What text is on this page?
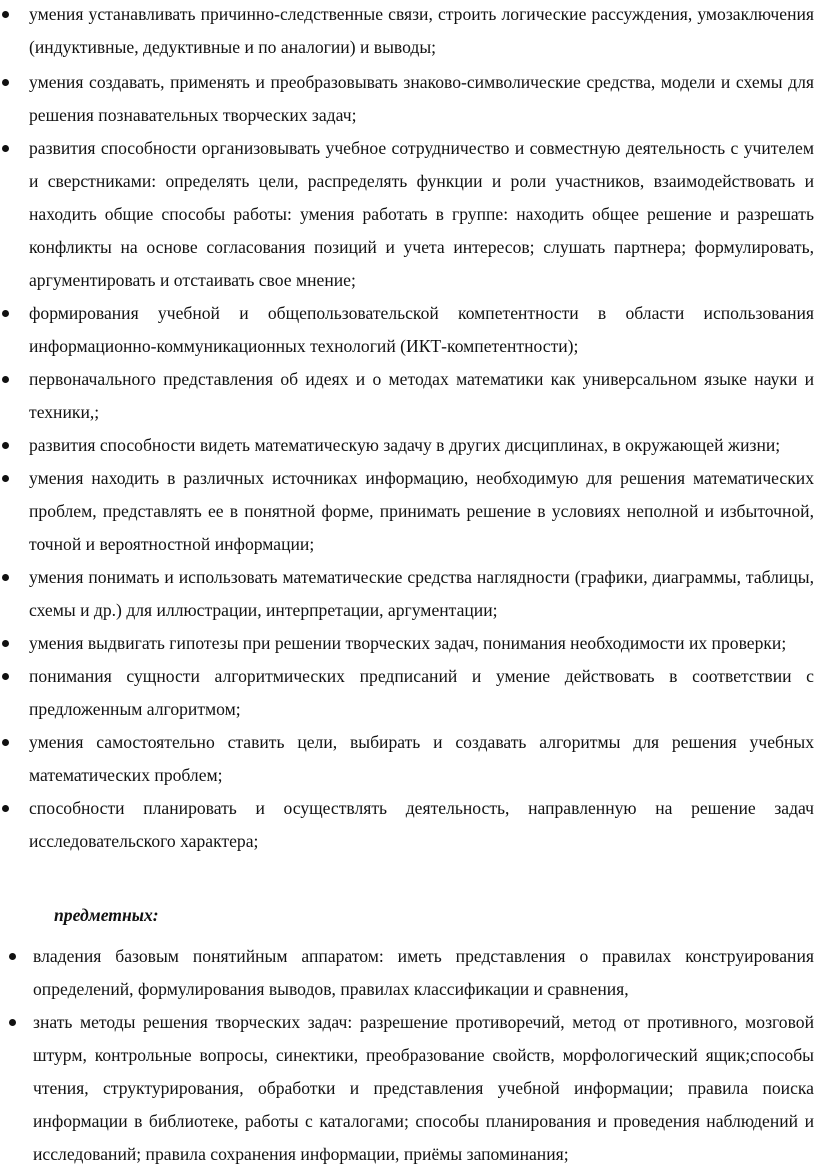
умения устанавливать причинно-следственные связи, строить логические рассуждения, умозаключения (индуктивные, дедуктивные и по аналогии) и выводы;
умения создавать, применять и преобразовывать знаково-символические средства, модели и схемы для решения познавательных творческих задач;
развития способности организовывать учебное сотрудничество и совместную деятельность с учителем и сверстниками: определять цели, распределять функции и роли участников, взаимодействовать и находить общие способы работы: умения работать в группе: находить общее решение и разрешать конфликты на основе согласования позиций и учета интересов; слушать партнера; формулировать, аргументировать и отстаивать свое мнение;
формирования учебной и общепользовательской компетентности в области использования информационно-коммуникационных технологий (ИКТ-компетентности);
первоначального представления об идеях и о методах математики как универсальном языке науки и техники,;
развития способности видеть математическую задачу в других дисциплинах, в окружающей жизни;
умения находить в различных источниках информацию, необходимую для решения математических проблем, представлять ее в понятной форме, принимать решение в условиях неполной и избыточной, точной и вероятностной информации;
умения понимать и использовать математические средства наглядности (графики, диаграммы, таблицы, схемы и др.) для иллюстрации, интерпретации, аргументации;
умения выдвигать гипотезы при решении творческих задач, понимания необходимости их проверки;
понимания сущности алгоритмических предписаний и умение действовать в соответствии с предложенным алгоритмом;
умения самостоятельно ставить цели, выбирать и создавать алгоритмы для решения учебных математических проблем;
способности планировать и осуществлять деятельность, направленную на решение задач исследовательского характера;
предметных:
владения базовым понятийным аппаратом: иметь представления о правилах конструирования определений, формулирования выводов, правилах классификации и сравнения,
знать методы решения творческих задач: разрешение противоречий, метод от противного, мозговой штурм, контрольные вопросы, синектики, преобразование свойств, морфологический ящик;способы чтения, структурирования, обработки и представления учебной информации; правила поиска информации в библиотеке, работы с каталогами; способы планирования и проведения наблюдений и исследований; правила сохранения информации, приёмы запоминания;
